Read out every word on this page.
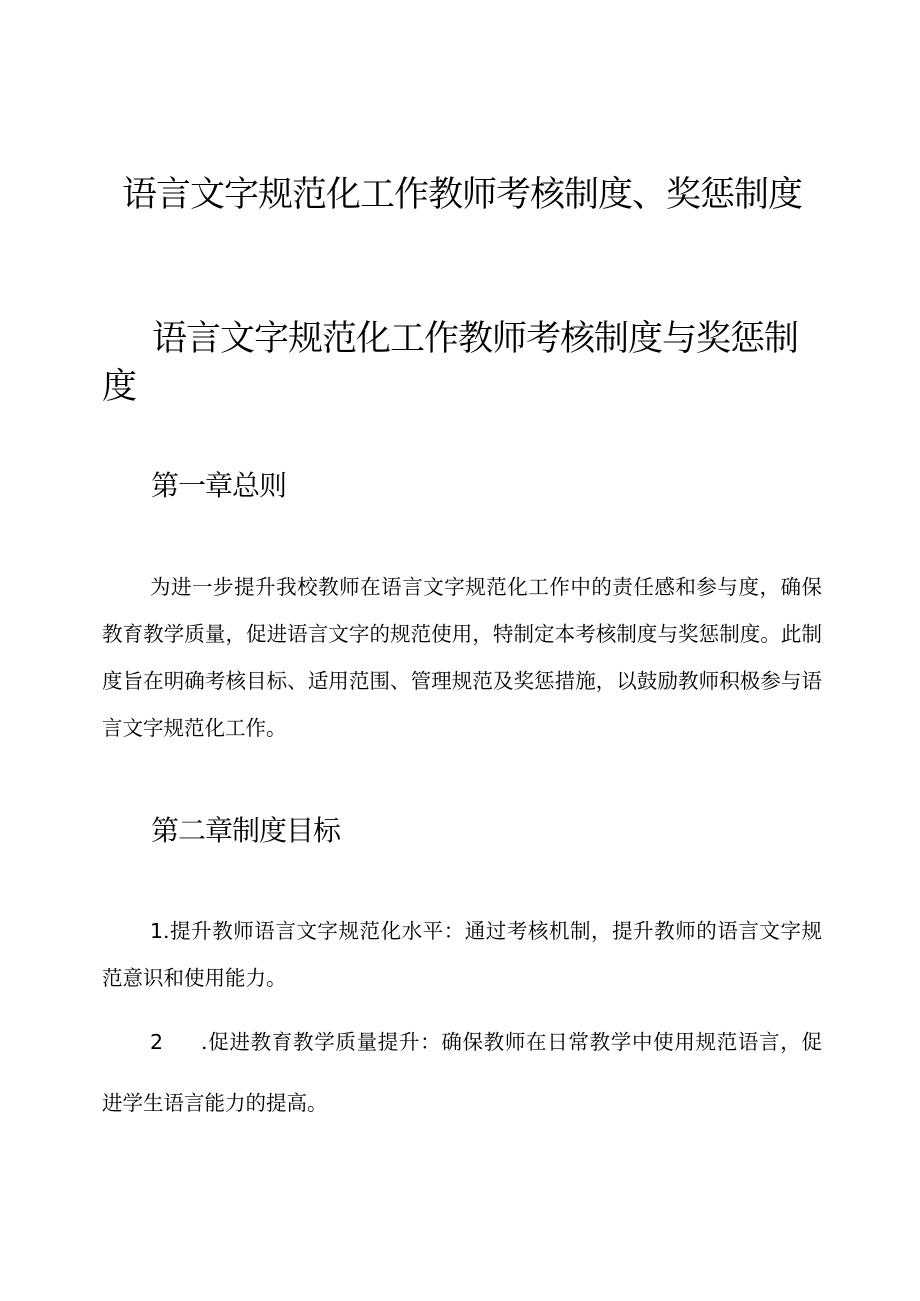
语言文字规范化工作教师考核制度、奖惩制度
语言文字规范化工作教师考核制度与奖惩制度
第一章总则

为进一步提升我校教师在语言文字规范化工作中的责任感和参与度，确保教育教学质量，促进语言文字的规范使用，特制定本考核制度与奖惩制度。此制度旨在明确考核目标、适用范围、管理规范及奖惩措施，以鼓励教师积极参与语言文字规范化工作。

第二章制度目标

1.提升教师语言文字规范化水平：通过考核机制，提升教师的语言文字规范意识和使用能力。

2 .促进教育教学质量提升：确保教师在日常教学中使用规范语言，促进学生语言能力的提高。
